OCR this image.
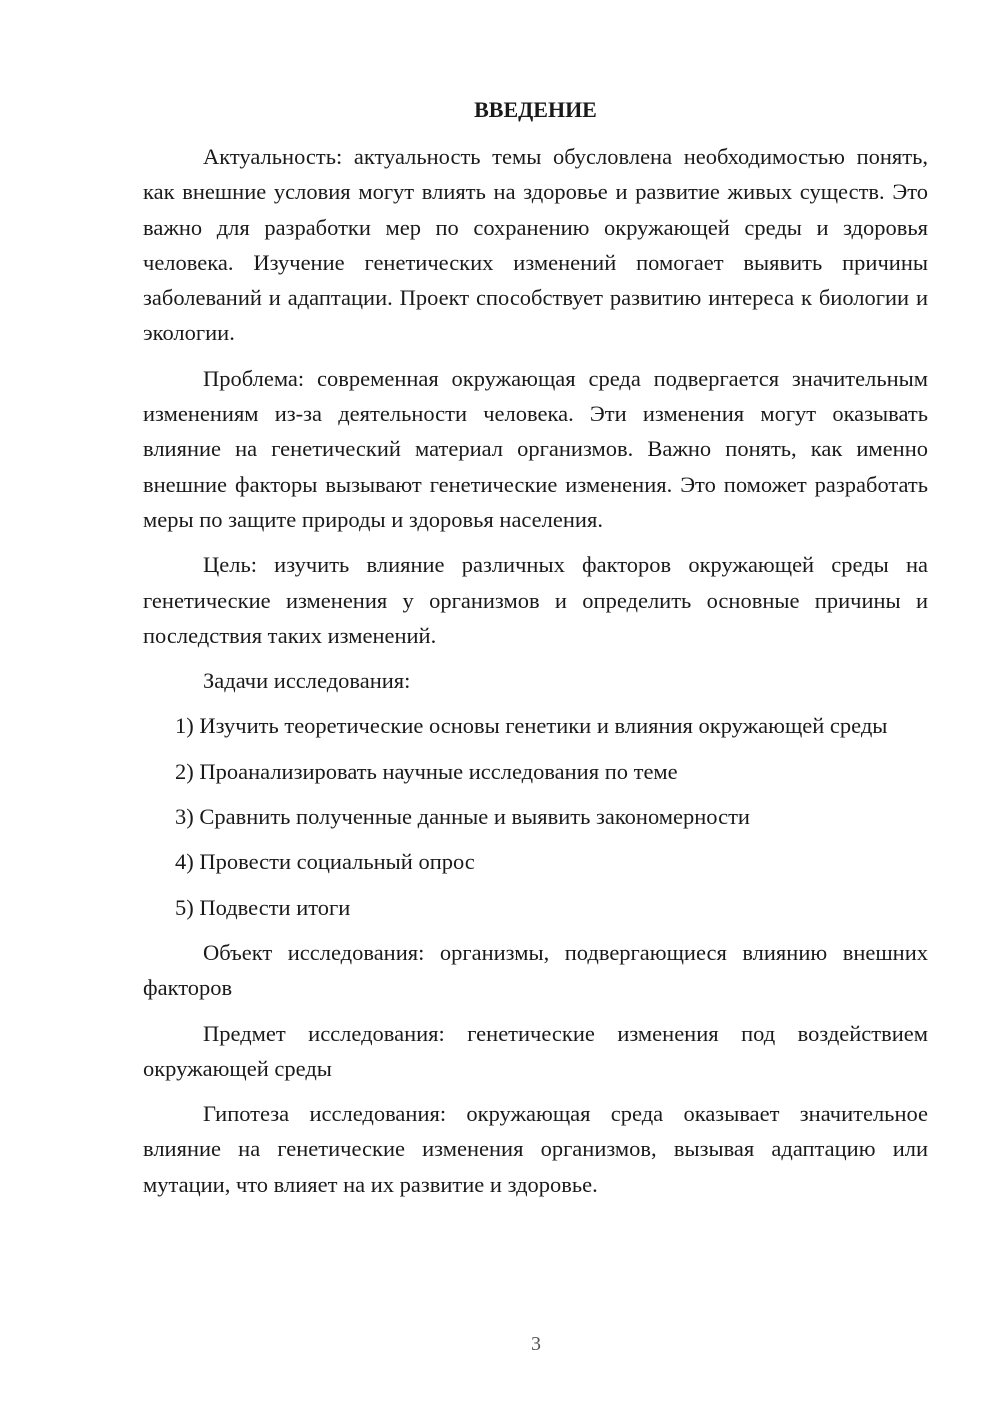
ВВЕДЕНИЕ

Актуальность: актуальность темы обусловлена необходимостью понять, как внешние условия могут влиять на здоровье и развитие живых существ. Это важно для разработки мер по сохранению окружающей среды и здоровья человека. Изучение генетических изменений помогает выявить причины заболеваний и адаптации. Проект способствует развитию интереса к биологии и экологии.

Проблема: современная окружающая среда подвергается значительным изменениям из-за деятельности человека. Эти изменения могут оказывать влияние на генетический материал организмов. Важно понять, как именно внешние факторы вызывают генетические изменения. Это поможет разработать меры по защите природы и здоровья населения.

Цель: изучить влияние различных факторов окружающей среды на генетические изменения у организмов и определить основные причины и последствия таких изменений.

Задачи исследования:

1) Изучить теоретические основы генетики и влияния окружающей среды

2) Проанализировать научные исследования по теме

3) Сравнить полученные данные и выявить закономерности

4) Провести социальный опрос

5) Подвести итоги

Объект исследования: организмы, подвергающиеся влиянию внешних факторов

Предмет исследования: генетические изменения под воздействием окружающей среды

Гипотеза исследования: окружающая среда оказывает значительное влияние на генетические изменения организмов, вызывая адаптацию или мутации, что влияет на их развитие и здоровье.

3
